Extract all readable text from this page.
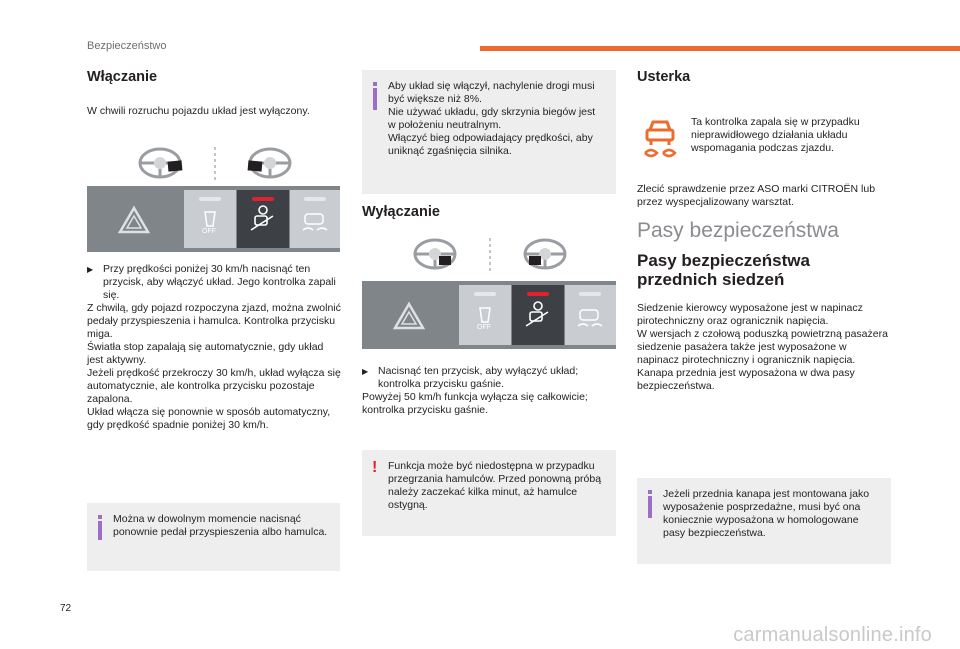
Bezpieczeństwo
Włączanie

W chwili rozruchu pojazdu układ jest wyłączony.

OFF
▶ Przy prędkości poniżej 30 km/h nacisnąć ten przycisk, aby włączyć układ. Jego kontrolka zapali się.

Z chwilą, gdy pojazd rozpoczyna zjazd, można zwolnić pedały przyspieszenia i hamulca. Kontrolka przycisku miga.

Światła stop zapalają się automatycznie, gdy układ jest aktywny.

Jeżeli prędkość przekroczy 30 km/h, układ wyłącza się automatycznie, ale kontrolka przycisku pozostaje zapalona.

Układ włącza się ponownie w sposób automatyczny, gdy prędkość spadnie poniżej 30 km/h.

Można w dowolnym momencie nacisnąć ponownie pedał przyspieszenia albo hamulca.

Aby układ się włączył, nachylenie drogi musi być większe niż 8%.
Nie używać układu, gdy skrzynia biegów jest w położeniu neutralnym.
Włączyć bieg odpowiadający prędkości, aby uniknąć zgaśnięcia silnika.

Wyłączanie
OFF
▶ Nacisnąć ten przycisk, aby wyłączyć układ; kontrolka przycisku gaśnie.

Powyżej 50 km/h funkcja wyłącza się całkowicie; kontrolka przycisku gaśnie.

! Funkcja może być niedostępna w przypadku przegrzania hamulców. Przed ponowną próbą należy zaczekać kilka minut, aż hamulce ostygną.

Usterka

Ta kontrolka zapala się w przypadku nieprawidłowego działania układu wspomagania podczas zjazdu.

Zlecić sprawdzenie przez ASO marki CITROËN lub przez wyspecjalizowany warsztat.

Pasy bezpieczeństwa
Pasy bezpieczeństwa przednich siedzeń

Siedzenie kierowcy wyposażone jest w napinacz pirotechniczny oraz ogranicznik napięcia.
W wersjach z czołową poduszką powietrzną pasażera siedzenie pasażera także jest wyposażone w napinacz pirotechniczny i ogranicznik napięcia.
Kanapa przednia jest wyposażona w dwa pasy bezpieczeństwa.

Jeżeli przednia kanapa jest montowana jako wyposażenie posprzedażne, musi być ona koniecznie wyposażona w homologowane pasy bezpieczeństwa.

72
carmanualsonline.info
